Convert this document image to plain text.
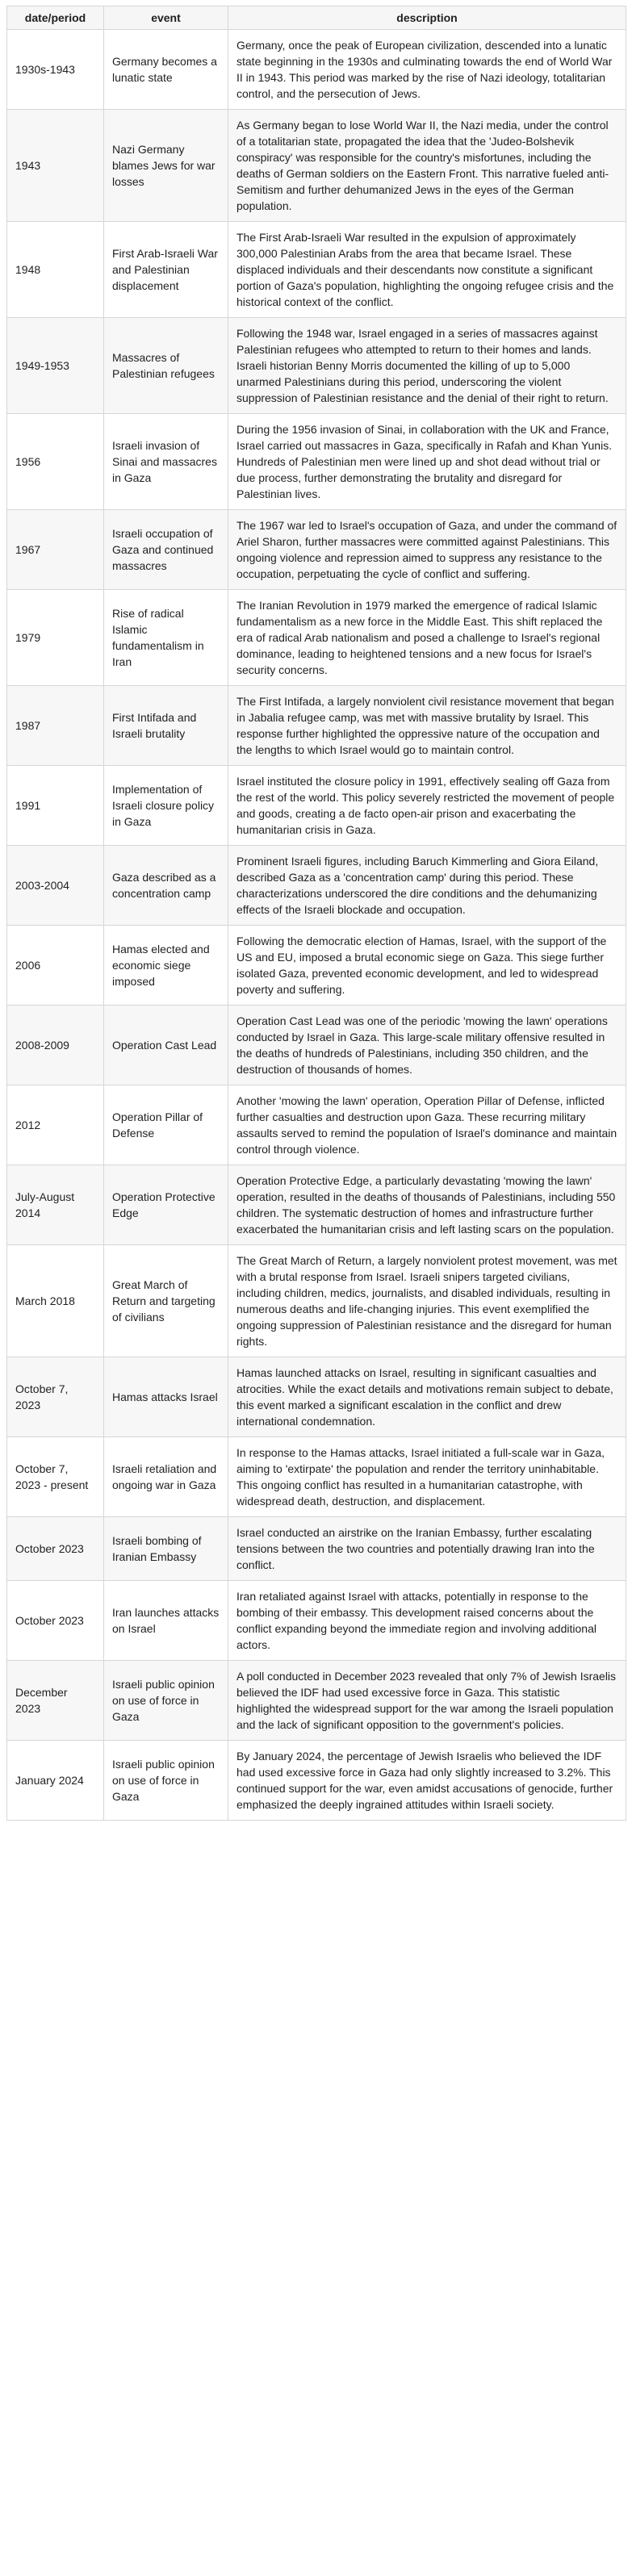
date/period	event	description
1930s-1943	Germany becomes a lunatic state	Germany, once the peak of European civilization, descended into a lunatic state beginning in the 1930s and culminating towards the end of World War II in 1943. This period was marked by the rise of Nazi ideology, totalitarian control, and the persecution of Jews.
1943	Nazi Germany blames Jews for war losses	As Germany began to lose World War II, the Nazi media, under the control of a totalitarian state, propagated the idea that the 'Judeo-Bolshevik conspiracy' was responsible for the country's misfortunes, including the deaths of German soldiers on the Eastern Front. This narrative fueled anti-Semitism and further dehumanized Jews in the eyes of the German population.
1948	First Arab-Israeli War and Palestinian displacement	The First Arab-Israeli War resulted in the expulsion of approximately 300,000 Palestinian Arabs from the area that became Israel. These displaced individuals and their descendants now constitute a significant portion of Gaza's population, highlighting the ongoing refugee crisis and the historical context of the conflict.
1949-1953	Massacres of Palestinian refugees	Following the 1948 war, Israel engaged in a series of massacres against Palestinian refugees who attempted to return to their homes and lands. Israeli historian Benny Morris documented the killing of up to 5,000 unarmed Palestinians during this period, underscoring the violent suppression of Palestinian resistance and the denial of their right to return.
1956	Israeli invasion of Sinai and massacres in Gaza	During the 1956 invasion of Sinai, in collaboration with the UK and France, Israel carried out massacres in Gaza, specifically in Rafah and Khan Yunis. Hundreds of Palestinian men were lined up and shot dead without trial or due process, further demonstrating the brutality and disregard for Palestinian lives.
1967	Israeli occupation of Gaza and continued massacres	The 1967 war led to Israel's occupation of Gaza, and under the command of Ariel Sharon, further massacres were committed against Palestinians. This ongoing violence and repression aimed to suppress any resistance to the occupation, perpetuating the cycle of conflict and suffering.
1979	Rise of radical Islamic fundamentalism in Iran	The Iranian Revolution in 1979 marked the emergence of radical Islamic fundamentalism as a new force in the Middle East. This shift replaced the era of radical Arab nationalism and posed a challenge to Israel's regional dominance, leading to heightened tensions and a new focus for Israel's security concerns.
1987	First Intifada and Israeli brutality	The First Intifada, a largely nonviolent civil resistance movement that began in Jabalia refugee camp, was met with massive brutality by Israel. This response further highlighted the oppressive nature of the occupation and the lengths to which Israel would go to maintain control.
1991	Implementation of Israeli closure policy in Gaza	Israel instituted the closure policy in 1991, effectively sealing off Gaza from the rest of the world. This policy severely restricted the movement of people and goods, creating a de facto open-air prison and exacerbating the humanitarian crisis in Gaza.
2003-2004	Gaza described as a concentration camp	Prominent Israeli figures, including Baruch Kimmerling and Giora Eiland, described Gaza as a 'concentration camp' during this period. These characterizations underscored the dire conditions and the dehumanizing effects of the Israeli blockade and occupation.
2006	Hamas elected and economic siege imposed	Following the democratic election of Hamas, Israel, with the support of the US and EU, imposed a brutal economic siege on Gaza. This siege further isolated Gaza, prevented economic development, and led to widespread poverty and suffering.
2008-2009	Operation Cast Lead	Operation Cast Lead was one of the periodic 'mowing the lawn' operations conducted by Israel in Gaza. This large-scale military offensive resulted in the deaths of hundreds of Palestinians, including 350 children, and the destruction of thousands of homes.
2012	Operation Pillar of Defense	Another 'mowing the lawn' operation, Operation Pillar of Defense, inflicted further casualties and destruction upon Gaza. These recurring military assaults served to remind the population of Israel's dominance and maintain control through violence.
July-August 2014	Operation Protective Edge	Operation Protective Edge, a particularly devastating 'mowing the lawn' operation, resulted in the deaths of thousands of Palestinians, including 550 children. The systematic destruction of homes and infrastructure further exacerbated the humanitarian crisis and left lasting scars on the population.
March 2018	Great March of Return and targeting of civilians	The Great March of Return, a largely nonviolent protest movement, was met with a brutal response from Israel. Israeli snipers targeted civilians, including children, medics, journalists, and disabled individuals, resulting in numerous deaths and life-changing injuries. This event exemplified the ongoing suppression of Palestinian resistance and the disregard for human rights.
October 7, 2023	Hamas attacks Israel	Hamas launched attacks on Israel, resulting in significant casualties and atrocities. While the exact details and motivations remain subject to debate, this event marked a significant escalation in the conflict and drew international condemnation.
October 7, 2023 - present	Israeli retaliation and ongoing war in Gaza	In response to the Hamas attacks, Israel initiated a full-scale war in Gaza, aiming to 'extirpate' the population and render the territory uninhabitable. This ongoing conflict has resulted in a humanitarian catastrophe, with widespread death, destruction, and displacement.
October 2023	Israeli bombing of Iranian Embassy	Israel conducted an airstrike on the Iranian Embassy, further escalating tensions between the two countries and potentially drawing Iran into the conflict.
October 2023	Iran launches attacks on Israel	Iran retaliated against Israel with attacks, potentially in response to the bombing of their embassy. This development raised concerns about the conflict expanding beyond the immediate region and involving additional actors.
December 2023	Israeli public opinion on use of force in Gaza	A poll conducted in December 2023 revealed that only 7% of Jewish Israelis believed the IDF had used excessive force in Gaza. This statistic highlighted the widespread support for the war among the Israeli population and the lack of significant opposition to the government's policies.
January 2024	Israeli public opinion on use of force in Gaza	By January 2024, the percentage of Jewish Israelis who believed the IDF had used excessive force in Gaza had only slightly increased to 3.2%. This continued support for the war, even amidst accusations of genocide, further emphasized the deeply ingrained attitudes within Israeli society.
